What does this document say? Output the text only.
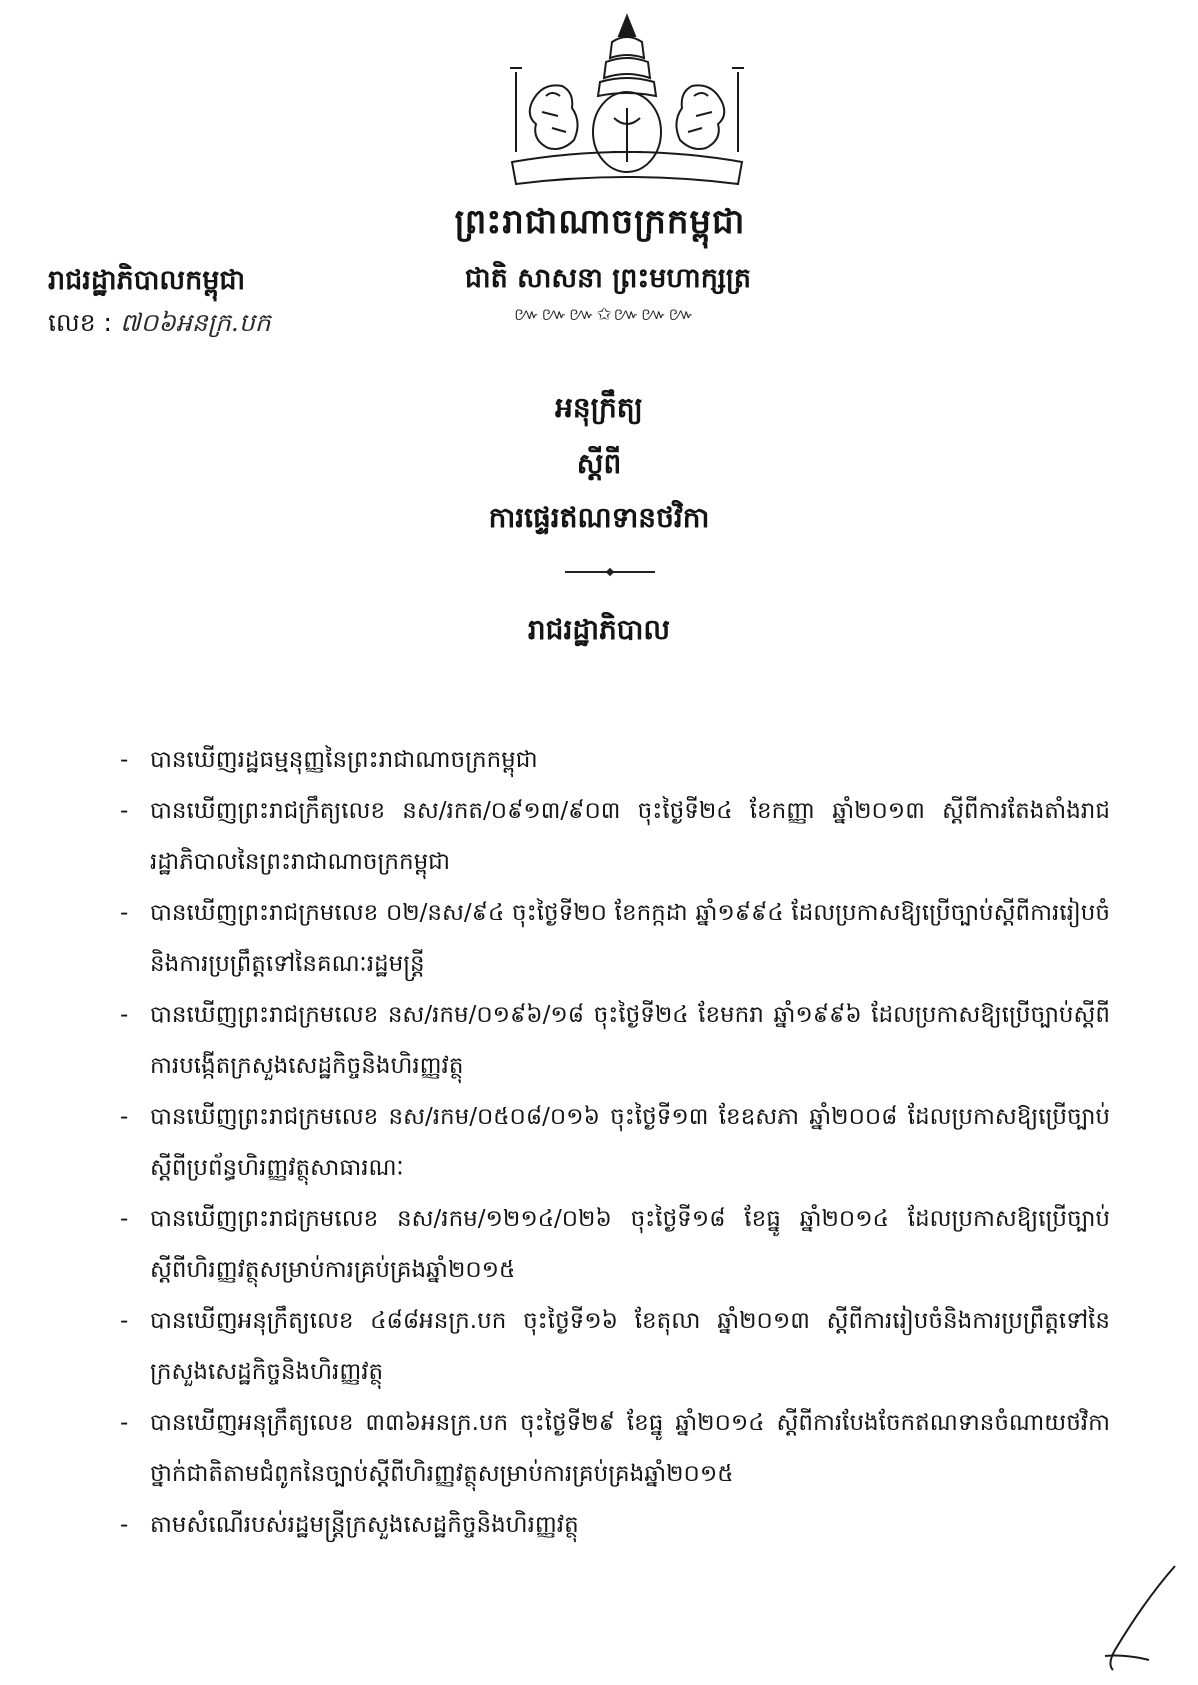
ព្រះរាជាណាចក្រកម្ពុជា
ជាតិ សាសនា ព្រះមហាក្សត្រ
៚៚៚✩៚៚៚
រាជរដ្ឋាភិបាលកម្ពុជា
លេខ : ៧០៦អនក្រ.បក
អនុក្រឹត្យ
ស្តីពី
ការផ្ទេរឥណទានថវិកា
រាជរដ្ឋាភិបាល
- បានឃើញរដ្ឋធម្មនុញ្ញនៃព្រះរាជាណាចក្រកម្ពុជា
- បានឃើញព្រះរាជក្រឹត្យលេខ នស/រកត/០៩១៣/៩០៣ ចុះថ្ងៃទី២៤ ខែកញ្ញា ឆ្នាំ២០១៣ ស្តីពីការតែងតាំងរាជរដ្ឋាភិបាលនៃព្រះរាជាណាចក្រកម្ពុជា
- បានឃើញព្រះរាជក្រមលេខ ០២/នស/៩៤ ចុះថ្ងៃទី២០ ខែកក្កដា ឆ្នាំ១៩៩៤ ដែលប្រកាសឱ្យប្រើច្បាប់ស្តីពីការរៀបចំនិងការប្រព្រឹត្តទៅនៃគណៈរដ្ឋមន្ត្រី
- បានឃើញព្រះរាជក្រមលេខ នស/រកម/០១៩៦/១៨ ចុះថ្ងៃទី២៤ ខែមករា ឆ្នាំ១៩៩៦ ដែលប្រកាសឱ្យប្រើច្បាប់ស្តីពីការបង្កើតក្រសួងសេដ្ឋកិច្ចនិងហិរញ្ញវត្ថុ
- បានឃើញព្រះរាជក្រមលេខ នស/រកម/០៥០៨/០១៦ ចុះថ្ងៃទី១៣ ខែឧសភា ឆ្នាំ២០០៨ ដែលប្រកាសឱ្យប្រើច្បាប់ស្តីពីប្រព័ន្ធហិរញ្ញវត្ថុសាធារណៈ
- បានឃើញព្រះរាជក្រមលេខ នស/រកម/១២១៤/០២៦ ចុះថ្ងៃទី១៨ ខែធ្នូ ឆ្នាំ២០១៤ ដែលប្រកាសឱ្យប្រើច្បាប់ស្តីពីហិរញ្ញវត្ថុសម្រាប់ការគ្រប់គ្រងឆ្នាំ២០១៥
- បានឃើញអនុក្រឹត្យលេខ ៤៨៨អនក្រ.បក ចុះថ្ងៃទី១៦ ខែតុលា ឆ្នាំ២០១៣ ស្តីពីការរៀបចំនិងការប្រព្រឹត្តទៅនៃក្រសួងសេដ្ឋកិច្ចនិងហិរញ្ញវត្ថុ
- បានឃើញអនុក្រឹត្យលេខ ៣៣៦អនក្រ.បក ចុះថ្ងៃទី២៩ ខែធ្នូ ឆ្នាំ២០១៤ ស្តីពីការបែងចែកឥណទានចំណាយថវិកាថ្នាក់ជាតិតាមជំពូកនៃច្បាប់ស្តីពីហិរញ្ញវត្ថុសម្រាប់ការគ្រប់គ្រងឆ្នាំ២០១៥
- តាមសំណើរបស់រដ្ឋមន្ត្រីក្រសួងសេដ្ឋកិច្ចនិងហិរញ្ញវត្ថុ
